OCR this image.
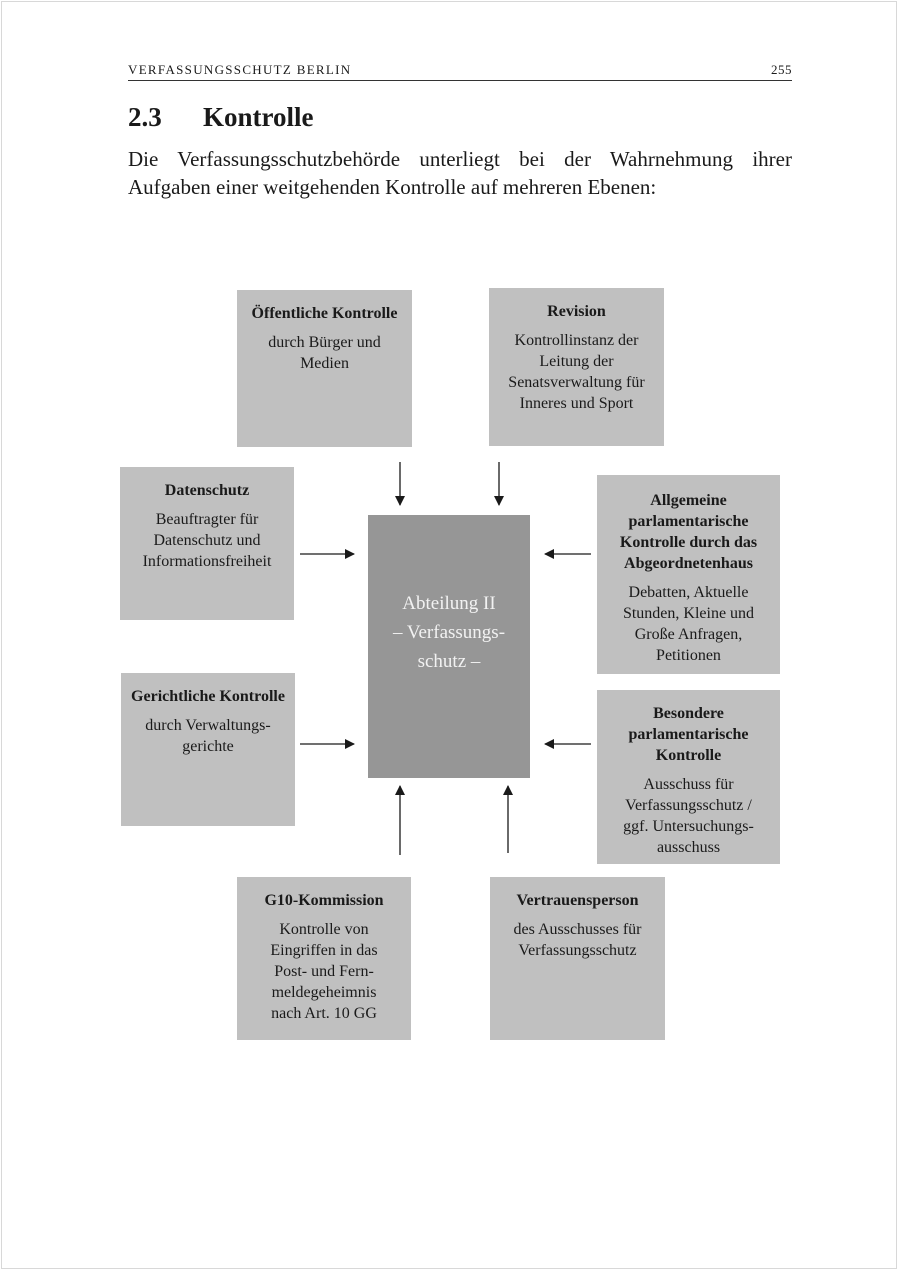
VERFASSUNGSSCHUTZ BERLIN	255
2.3	Kontrolle
Die Verfassungsschutzbehörde unterliegt bei der Wahrnehmung ihrer
Aufgaben einer weitgehenden Kontrolle auf mehreren Ebenen:
Öffentliche Kontrolle
durch Bürger und Medien
Revision
Kontrollinstanz der Leitung der Senatsverwaltung für Inneres und Sport
Datenschutz
Beauftragter für Datenschutz und Informationsfreiheit
Allgemeine parlamentarische Kontrolle durch das Abgeordnetenhaus
Debatten, Aktuelle Stunden, Kleine und Große Anfragen, Petitionen
Gerichtliche Kontrolle
durch Verwaltungs-gerichte
Besondere parlamentarische Kontrolle
Ausschuss für Verfassungsschutz / ggf. Untersuchungs-ausschuss
G10-Kommission
Kontrolle von Eingriffen in das Post- und Fern-meldegeheimnis nach Art. 10 GG
Vertrauensperson
des Ausschusses für Verfassungsschutz
Abteilung II
– Verfassungs-
schutz –
